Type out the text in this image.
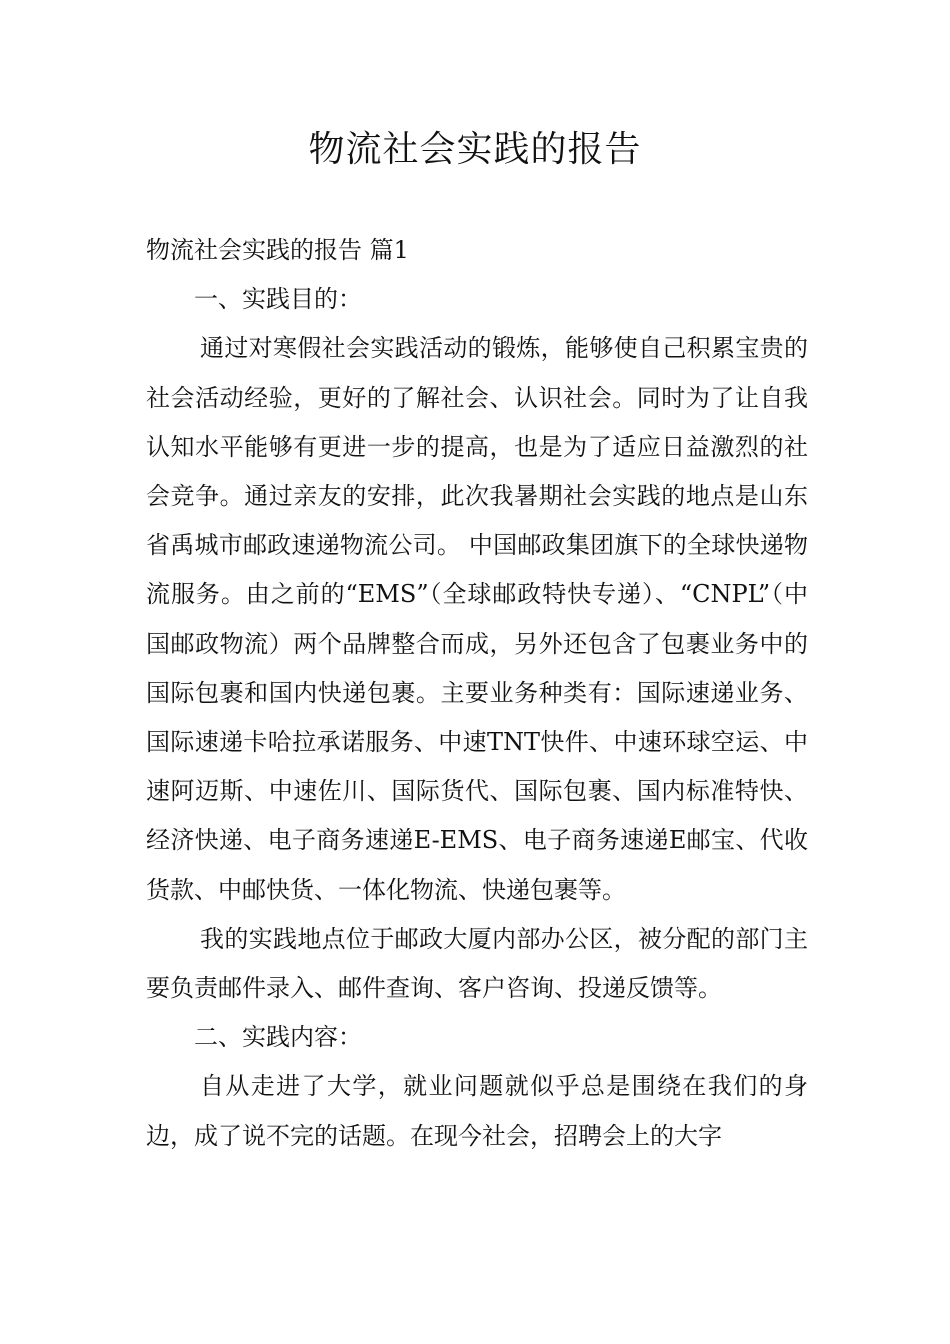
物流社会实践的报告

物流社会实践的报告 篇1

一、实践目的：

通过对寒假社会实践活动的锻炼，能够使自己积累宝贵的社会活动经验，更好的了解社会、认识社会。同时为了让自我认知水平能够有更进一步的提高，也是为了适应日益激烈的社会竞争。通过亲友的安排，此次我暑期社会实践的地点是山东省禹城市邮政速递物流公司。 中国邮政集团旗下的全球快递物流服务。由之前的“EMS”（全球邮政特快专递）、“CNPL”（中国邮政物流）两个品牌整合而成，另外还包含了包裹业务中的国际包裹和国内快递包裹。主要业务种类有：国际速递业务、国际速递卡哈拉承诺服务、中速TNT快件、中速环球空运、中速阿迈斯、中速佐川、国际货代、国际包裹、国内标准特快、经济快递、电子商务速递E-EMS、电子商务速递E邮宝、代收货款、中邮快货、一体化物流、快递包裹等。

我的实践地点位于邮政大厦内部办公区，被分配的部门主要负责邮件录入、邮件查询、客户咨询、投递反馈等。

二、实践内容：

自从走进了大学，就业问题就似乎总是围绕在我们的身边，成了说不完的话题。在现今社会，招聘会上的大字
